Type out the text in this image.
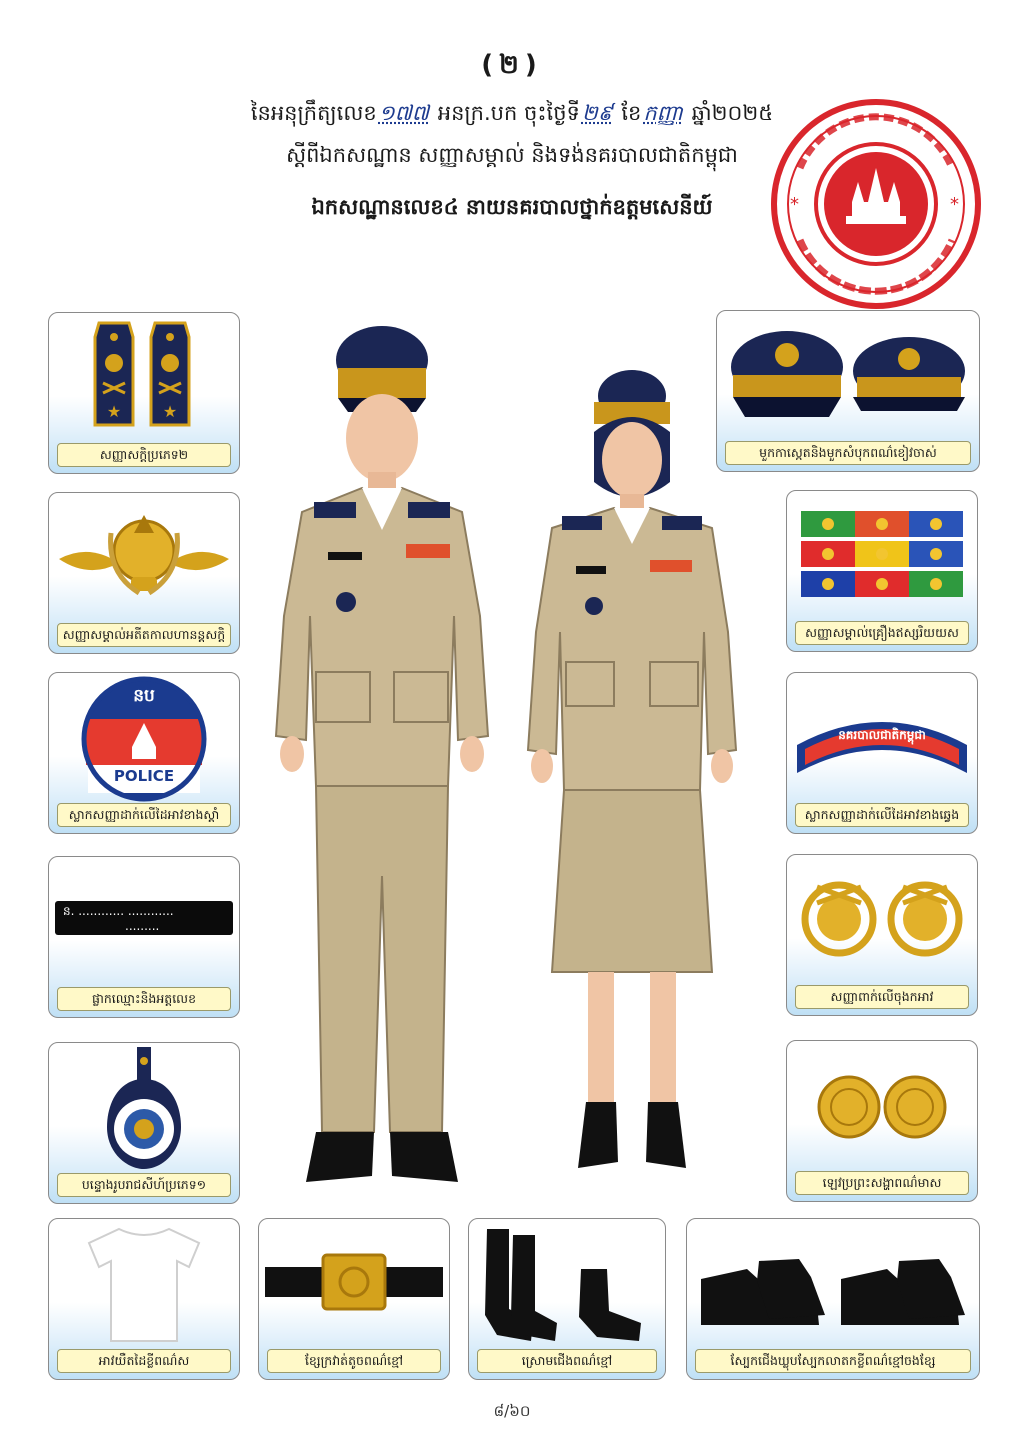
(២)
នៃអនុក្រឹត្យលេខ១៧៧ អនក្រ.បក ចុះថ្ងៃទី២៩ ខែកញ្ញា ឆ្នាំ២០២៥
ស្ដីពីឯកសណ្ឋាន សញ្ញាសម្គាល់ និងទង់នគរបាលជាតិកម្ពុជា
ឯកសណ្ឋានលេខ៤ នាយនគរបាលថ្នាក់ឧត្ដមសេនីយ៍	*	*
★	★
សញ្ញាសក្តិប្រភេទ២
សញ្ញាសម្គាល់អតីតកាលហានន្តសក្តិ
នប
POLICE
ស្លាកសញ្ញាដាក់លើដៃអាវខាងស្ដាំ
ន. ............ ............
.........
ផ្លាកឈ្មោះនិងអត្តលេខ
បន្ទោងរូបរាជសីហ៍ប្រភេទ១
មួកកាស្កេតនិងមួកសំបុកពណ៌ខៀវចាស់
សញ្ញាសម្គាល់គ្រឿងឥស្សរិយយស
នគរបាលជាតិកម្ពុជា
ស្លាកសញ្ញាដាក់លើដៃអាវខាងឆ្វេង
សញ្ញាពាក់លើចុងកអាវ
ឡេវប្រព្រះសង្ហាពណ៌មាស
អាវយឺតដៃខ្លីពណ៌ស	ខ្សែក្រវាត់តូចពណ៌ខ្មៅ	ស្រោមជើងពណ៌ខ្មៅ	ស្បែកជើងឃ្លុបស្បែកលាតកខ្លីពណ៌ខ្មៅចងខ្សែ
៨/៦០
